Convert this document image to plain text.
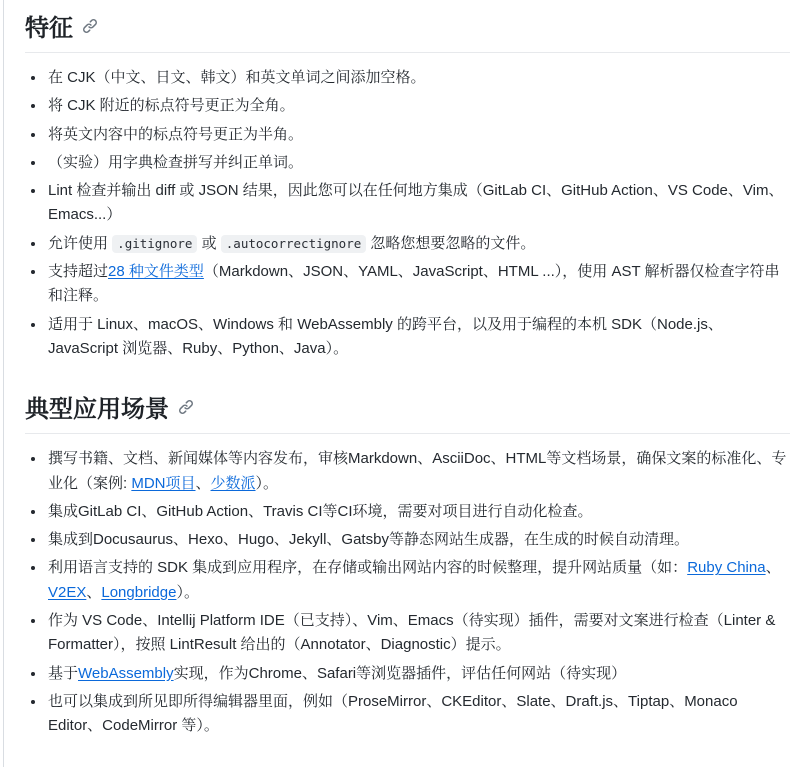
特征
• 在 CJK（中文、日文、韩文）和英文单词之间添加空格。
• 将 CJK 附近的标点符号更正为全角。
• 将英文内容中的标点符号更正为半角。
• （实验）用字典检查拼写并纠正单词。
• Lint 检查并输出 diff 或 JSON 结果，因此您可以在任何地方集成（GitLab CI、GitHub Action、VS Code、Vim、Emacs...）
• 允许使用 .gitignore 或 .autocorrectignore 忽略您想要忽略的文件。
• 支持超过28 种文件类型（Markdown、JSON、YAML、JavaScript、HTML ...），使用 AST 解析器仅检查字符串和注释。
• 适用于 Linux、macOS、Windows 和 WebAssembly 的跨平台，以及用于编程的本机 SDK（Node.js、JavaScript 浏览器、Ruby、Python、Java）。
典型应用场景
• 撰写书籍、文档、新闻媒体等内容发布，审核Markdown、AsciiDoc、HTML等文档场景，确保文案的标准化、专业化（案例: MDN项目、少数派）。
• 集成GitLab CI、GitHub Action、Travis CI等CI环境，需要对项目进行自动化检查。
• 集成到Docusaurus、Hexo、Hugo、Jekyll、Gatsby等静态网站生成器，在生成的时候自动清理。
• 利用语言支持的 SDK 集成到应用程序，在存储或输出网站内容的时候整理，提升网站质量（如：Ruby China、V2EX、Longbridge）。
• 作为 VS Code、Intellij Platform IDE（已支持）、Vim、Emacs（待实现）插件，需要对文案进行检查（Linter & Formatter），按照 LintResult 给出的（Annotator、Diagnostic）提示。
• 基于WebAssembly实现，作为Chrome、Safari等浏览器插件，评估任何网站（待实现）
• 也可以集成到所见即所得编辑器里面，例如（ProseMirror、CKEditor、Slate、Draft.js、Tiptap、Monaco Editor、CodeMirror 等）。
